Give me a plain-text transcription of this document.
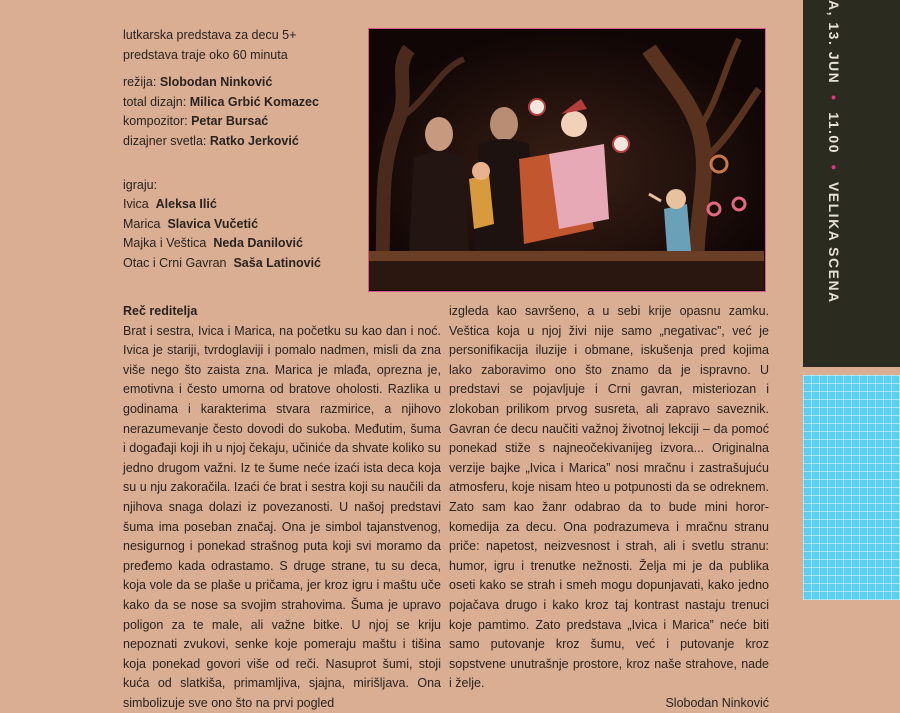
lutkarska predstava za decu 5+
predstava traje oko 60 minuta
režija: Slobodan Ninković
total dizajn: Milica Grbić Komazec
kompozitor: Petar Bursać
dizajner svetla: Ratko Jerković
igraju:
Ivica Aleksa Ilić
Marica Slavica Vučetić
Majka i Veštica Neda Danilović
Otac i Crni Gavran Saša Latinović

Reč reditelja

Brat i sestra, Ivica i Marica, na početku su kao dan i noć. Ivica je stariji, tvrdoglaviji i pomalo nadmen, misli da zna više nego što zaista zna. Marica je mlađa, oprezna je, emotivna i često umorna od bratove oholosti. Razlika u godinama i karakterima stvara razmirice, a njihovo nerazumevanje često dovodi do sukoba. Međutim, šuma i događaji koji ih u njoj čekaju, učiniće da shvate koliko su jedno drugom važni. Iz te šume neće izaći ista deca koja su u nju zakoračila. Izaći će brat i sestra koji su naučili da njihova snaga dolazi iz povezanosti. U našoj predstavi šuma ima poseban značaj. Ona je simbol tajanstvenog, nesigurnog i ponekad strašnog puta koji svi moramo da pređemo kada odrastamo. S druge strane, tu su deca, koja vole da se plaše u pričama, jer kroz igru i maštu uče kako da se nose sa svojim strahovima. Šuma je upravo poligon za te male, ali važne bitke. U njoj se kriju nepoznati zvukovi, senke koje pomeraju maštu i tišina koja ponekad govori više od reči. Nasuprot šumi, stoji kuća od slatkiša, primamljiva, sjajna, mirišljava. Ona simbolizuje sve ono što na prvi pogled

izgleda kao savršeno, a u sebi krije opasnu zamku. Veštica koja u njoj živi nije samo „negativac”, već je personifikacija iluzije i obmane, iskušenja pred kojima lako zaboravimo ono što znamo da je ispravno. U predstavi se pojavljuje i Crni gavran, misteriozan i zlokoban prilikom prvog susreta, ali zapravo saveznik. Gavran će decu naučiti važnoj životnoj lekciji – da pomoć ponekad stiže s najneočekivanijeg izvora... Originalna verzije bajke „Ivica i Marica” nosi mračnu i zastrašujuću atmosferu, koje nisam hteo u potpunosti da se odreknem. Zato sam kao žanr odabrao da to bude mini horor-komedija za decu. Ona podrazumeva i mračnu stranu priče: napetost, neizvesnost i strah, ali i svetlu stranu: humor, igru i trenutke nežnosti. Želja mi je da publika oseti kako se strah i smeh mogu dopunjavati, kako jedno pojačava drugo i kako kroz taj kontrast nastaju trenuci koje pamtimo. Zato predstava „Ivica i Marica” neće biti samo putovanje kroz šumu, već i putovanje kroz sopstvene unutrašnje prostore, kroz naše strahove, nade i želje.

Slobodan Ninković

A, 13. JUN  •  11.00  •  VELIKA SCENA
